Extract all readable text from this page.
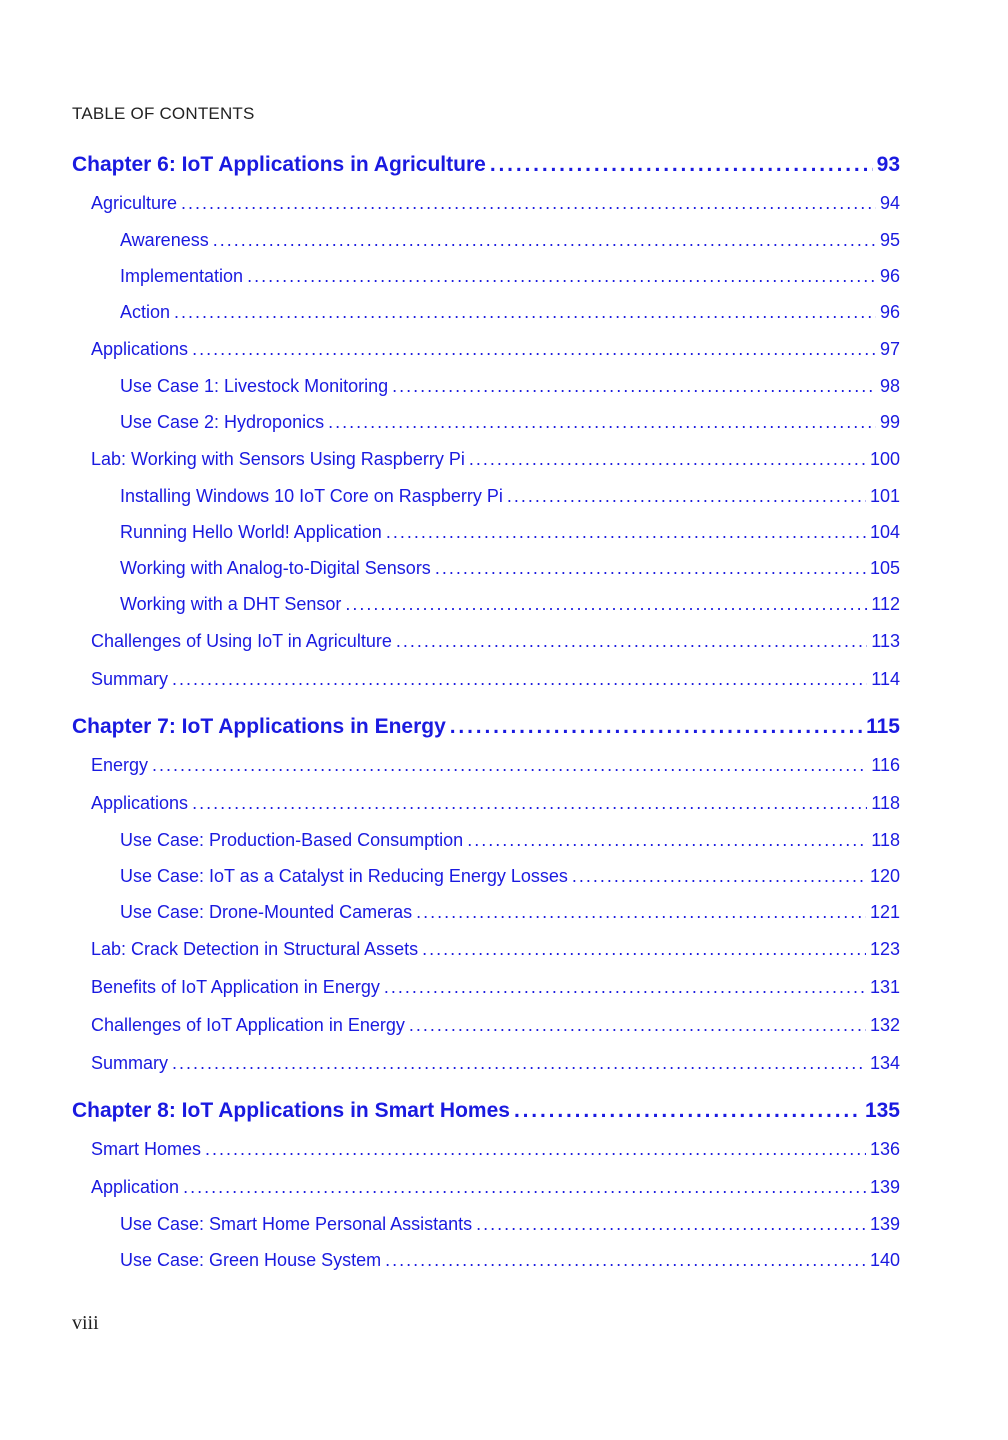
TABLE OF CONTENTS
Chapter 6: IoT Applications in Agriculture . . .	93
Agriculture . . .	94
Awareness . . .	95
Implementation . . .	96
Action . . .	96
Applications . . .	97
Use Case 1: Livestock Monitoring . . .	98
Use Case 2: Hydroponics . . .	99
Lab: Working with Sensors Using Raspberry Pi . . .	100
Installing Windows 10 IoT Core on Raspberry Pi . . .	101
Running Hello World! Application . . .	104
Working with Analog-to-Digital Sensors . . .	105
Working with a DHT Sensor . . .	112
Challenges of Using IoT in Agriculture . . .	113
Summary . . .	114
Chapter 7: IoT Applications in Energy . . .	115
Energy . . .	116
Applications . . .	118
Use Case: Production-Based Consumption . . .	118
Use Case: IoT as a Catalyst in Reducing Energy Losses . . .	120
Use Case: Drone-Mounted Cameras . . .	121
Lab: Crack Detection in Structural Assets . . .	123
Benefits of IoT Application in Energy . . .	131
Challenges of IoT Application in Energy . . .	132
Summary . . .	134
Chapter 8: IoT Applications in Smart Homes . . .	135
Smart Homes . . .	136
Application . . .	139
Use Case: Smart Home Personal Assistants . . .	139
Use Case: Green House System . . .	140
viii
